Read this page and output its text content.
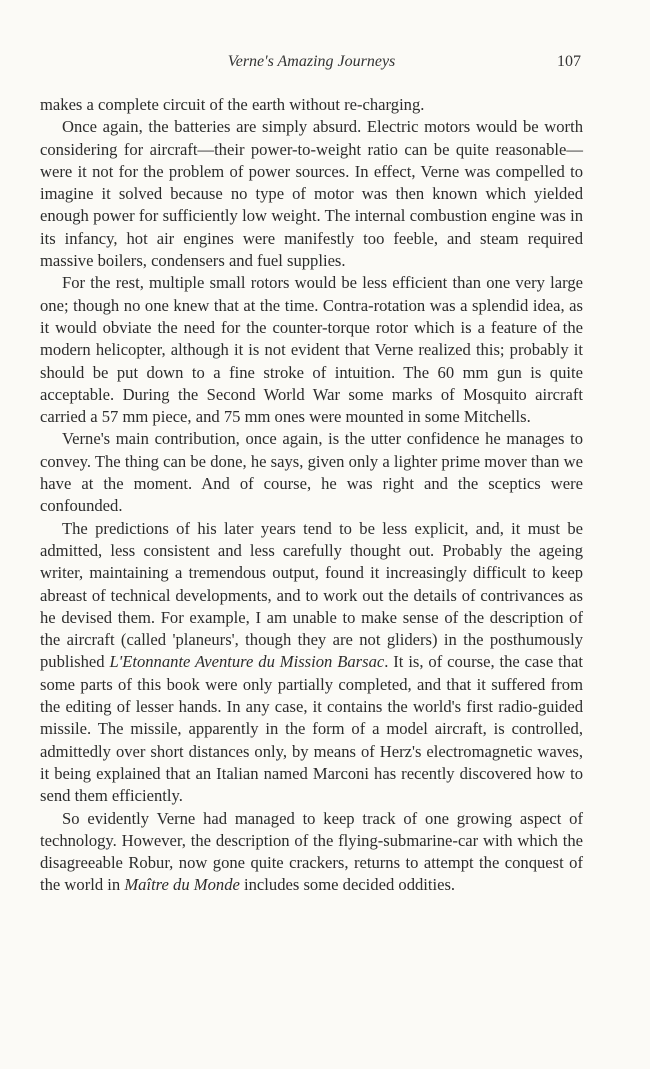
Verne's Amazing Journeys	107

makes a complete circuit of the earth without re-charging.

Once again, the batteries are simply absurd. Electric motors would be worth considering for aircraft—their power-to-weight ratio can be quite reasonable—were it not for the problem of power sources. In effect, Verne was compelled to imagine it solved because no type of motor was then known which yielded enough power for sufficiently low weight. The internal combustion engine was in its infancy, hot air engines were manifestly too feeble, and steam required massive boilers, condensers and fuel supplies.

For the rest, multiple small rotors would be less efficient than one very large one; though no one knew that at the time. Contra-rotation was a splendid idea, as it would obviate the need for the counter-torque rotor which is a feature of the modern helicopter, although it is not evident that Verne realized this; probably it should be put down to a fine stroke of intuition. The 60 mm gun is quite acceptable. During the Second World War some marks of Mosquito aircraft carried a 57 mm piece, and 75 mm ones were mounted in some Mitchells.

Verne's main contribution, once again, is the utter confidence he manages to convey. The thing can be done, he says, given only a lighter prime mover than we have at the moment. And of course, he was right and the sceptics were confounded.

The predictions of his later years tend to be less explicit, and, it must be admitted, less consistent and less carefully thought out. Probably the ageing writer, maintaining a tremendous output, found it increasingly difficult to keep abreast of technical developments, and to work out the details of contrivances as he devised them. For example, I am unable to make sense of the description of the aircraft (called 'planeurs', though they are not gliders) in the posthumously published L'Etonnante Aventure du Mission Barsac. It is, of course, the case that some parts of this book were only partially completed, and that it suffered from the editing of lesser hands. In any case, it contains the world's first radio-guided missile. The missile, apparently in the form of a model aircraft, is controlled, admittedly over short distances only, by means of Herz's electromagnetic waves, it being explained that an Italian named Marconi has recently discovered how to send them efficiently.

So evidently Verne had managed to keep track of one growing aspect of technology. However, the description of the flying-submarine-car with which the disagreeable Robur, now gone quite crackers, returns to attempt the conquest of the world in Maître du Monde includes some decided oddities.
